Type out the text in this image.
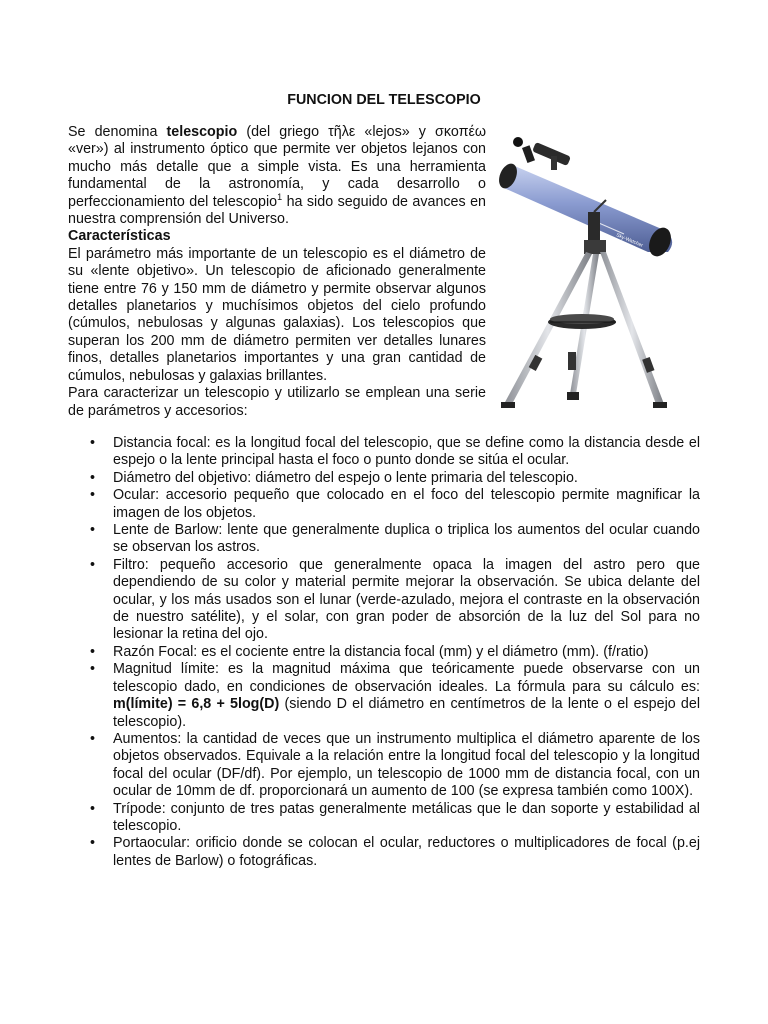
FUNCION DEL TELESCOPIO
Sky-Watcher

Se denomina telescopio (del griego τῆλε «lejos» y σκοπέω «ver») al instrumento óptico que permite ver objetos lejanos con mucho más detalle que a simple vista. Es una herramienta fundamental de la astronomía, y cada desarrollo o perfeccionamiento del telescopio$^1$ ha sido seguido de avances en nuestra comprensión del Universo.

Características

El parámetro más importante de un telescopio es el diámetro de su «lente objetivo». Un telescopio de aficionado generalmente tiene entre 76 y 150 mm de diámetro y permite observar algunos detalles planetarios y muchísimos objetos del cielo profundo (cúmulos, nebulosas y algunas galaxias). Los telescopios que superan los 200 mm de diámetro permiten ver detalles lunares finos, detalles planetarios importantes y una gran cantidad de cúmulos, nebulosas y galaxias brillantes.

Para caracterizar un telescopio y utilizarlo se emplean una serie de parámetros y accesorios:

• Distancia focal: es la longitud focal del telescopio, que se define como la distancia desde el espejo o la lente principal hasta el foco o punto donde se sitúa el ocular.
• Diámetro del objetivo: diámetro del espejo o lente primaria del telescopio.
• Ocular: accesorio pequeño que colocado en el foco del telescopio permite magnificar la imagen de los objetos.
• Lente de Barlow: lente que generalmente duplica o triplica los aumentos del ocular cuando se observan los astros.
• Filtro: pequeño accesorio que generalmente opaca la imagen del astro pero que dependiendo de su color y material permite mejorar la observación. Se ubica delante del ocular, y los más usados son el lunar (verde-azulado, mejora el contraste en la observación de nuestro satélite), y el solar, con gran poder de absorción de la luz del Sol para no lesionar la retina del ojo.
• Razón Focal: es el cociente entre la distancia focal (mm) y el diámetro (mm). (f/ratio)
• Magnitud límite: es la magnitud máxima que teóricamente puede observarse con un telescopio dado, en condiciones de observación ideales. La fórmula para su cálculo es: m(límite) = 6,8 + 5log(D) (siendo D el diámetro en centímetros de la lente o el espejo del telescopio).
• Aumentos: la cantidad de veces que un instrumento multiplica el diámetro aparente de los objetos observados. Equivale a la relación entre la longitud focal del telescopio y la longitud focal del ocular (DF/df). Por ejemplo, un telescopio de 1000 mm de distancia focal, con un ocular de 10mm de df. proporcionará un aumento de 100 (se expresa también como 100X).
• Trípode: conjunto de tres patas generalmente metálicas que le dan soporte y estabilidad al telescopio.
• Portaocular: orificio donde se colocan el ocular, reductores o multiplicadores de focal (p.ej lentes de Barlow) o fotográficas.
